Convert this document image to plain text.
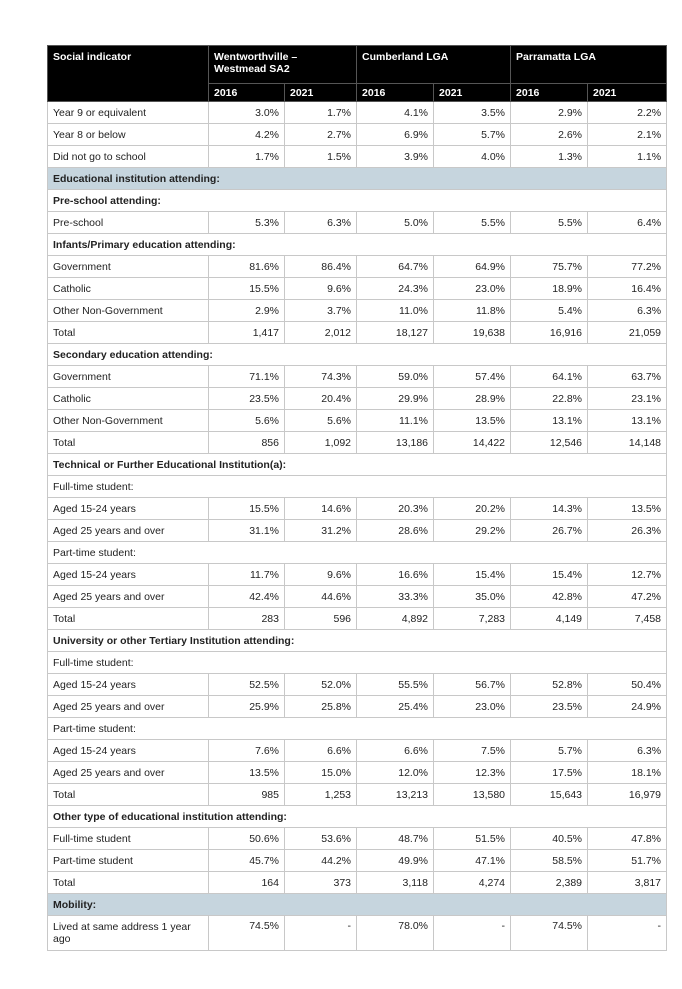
Social indicator	Wentworthville – Westmead SA2		Cumberland LGA		Parramatta LGA	
	2016	2021	2016	2021	2016	2021
Year 9 or equivalent	3.0%	1.7%	4.1%	3.5%	2.9%	2.2%
Year 8 or below	4.2%	2.7%	6.9%	5.7%	2.6%	2.1%
Did not go to school	1.7%	1.5%	3.9%	4.0%	1.3%	1.1%
Educational institution attending:						
Pre-school attending:						
Pre-school	5.3%	6.3%	5.0%	5.5%	5.5%	6.4%
Infants/Primary education attending:						
Government	81.6%	86.4%	64.7%	64.9%	75.7%	77.2%
Catholic	15.5%	9.6%	24.3%	23.0%	18.9%	16.4%
Other Non-Government	2.9%	3.7%	11.0%	11.8%	5.4%	6.3%
Total	1,417	2,012	18,127	19,638	16,916	21,059
Secondary education attending:						
Government	71.1%	74.3%	59.0%	57.4%	64.1%	63.7%
Catholic	23.5%	20.4%	29.9%	28.9%	22.8%	23.1%
Other Non-Government	5.6%	5.6%	11.1%	13.5%	13.1%	13.1%
Total	856	1,092	13,186	14,422	12,546	14,148
Technical or Further Educational Institution(a):						
Full-time student:						
Aged 15-24 years	15.5%	14.6%	20.3%	20.2%	14.3%	13.5%
Aged 25 years and over	31.1%	31.2%	28.6%	29.2%	26.7%	26.3%
Part-time student:						
Aged 15-24 years	11.7%	9.6%	16.6%	15.4%	15.4%	12.7%
Aged 25 years and over	42.4%	44.6%	33.3%	35.0%	42.8%	47.2%
Total	283	596	4,892	7,283	4,149	7,458
University or other Tertiary Institution attending:						
Full-time student:						
Aged 15-24 years	52.5%	52.0%	55.5%	56.7%	52.8%	50.4%
Aged 25 years and over	25.9%	25.8%	25.4%	23.0%	23.5%	24.9%
Part-time student:						
Aged 15-24 years	7.6%	6.6%	6.6%	7.5%	5.7%	6.3%
Aged 25 years and over	13.5%	15.0%	12.0%	12.3%	17.5%	18.1%
Total	985	1,253	13,213	13,580	15,643	16,979
Other type of educational institution attending:						
Full-time student	50.6%	53.6%	48.7%	51.5%	40.5%	47.8%
Part-time student	45.7%	44.2%	49.9%	47.1%	58.5%	51.7%
Total	164	373	3,118	4,274	2,389	3,817
Mobility:						
Lived at same address 1 year ago	74.5%	-	78.0%	-	74.5%	-
